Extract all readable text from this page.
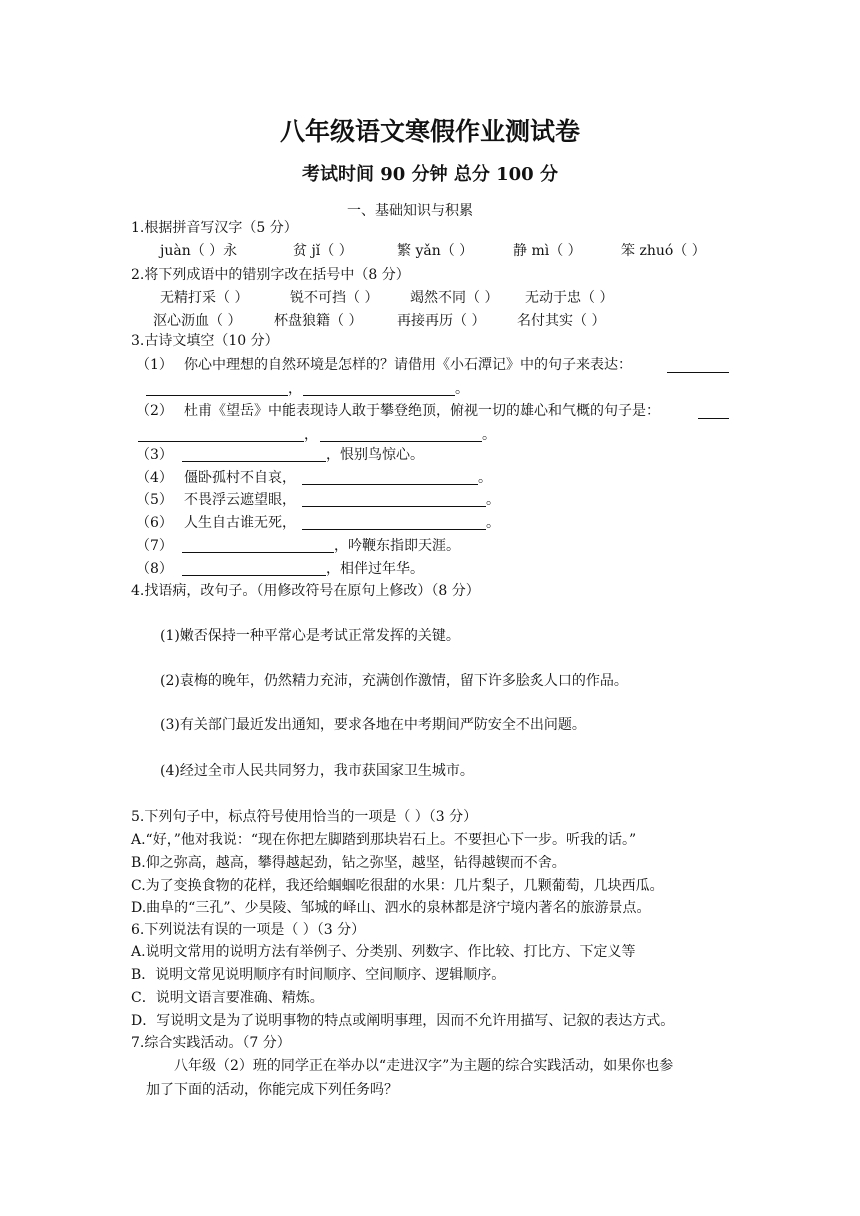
八年级语文寒假作业测试卷
考试时间 90 分钟 总分 100 分
一、基础知识与积累
1.根据拼音写汉字（5 分）
juàn（ ）永	贫 jǐ（ ）	繁 yǎn（ ）	静 mì（ ）	笨 zhuó（ ）
2.将下列成语中的错别字改在括号中（8 分）
无精打采（ ）	锐不可挡（ ） 竭然不同（ ） 无动于忠（ ）
沤心沥血（ ） 杯盘狼籍（ ） 再接再历（ ） 名付其实（ ）
3.古诗文填空（10 分）
（1） 你心中理想的自然环境是怎样的？请借用《小石潭记》中的句子来表达：
，	。
（2） 杜甫《望岳》中能表现诗人敢于攀登绝顶，俯视一切的雄心和气概的句子是：
，	。
（3）	，恨别鸟惊心。
（4） 僵卧孤村不自哀，	。
（5） 不畏浮云遮望眼，	。
（6） 人生自古谁无死，	。
（7）	，吟鞭东指即天涯。
（8）	，相伴过年华。
4.找语病，改句子。（用修改符号在原句上修改）（8 分）
(1)嫩否保持一种平常心是考试正常发挥的关键。
(2)袁梅的晚年，仍然精力充沛，充满创作激情，留下许多脍炙人口的作品。
(3)有关部门最近发出通知，要求各地在中考期间严防安全不出问题。
(4)经过全市人民共同努力，我市获国家卫生城市。
5.下列句子中，标点符号使用恰当的一项是（ ）（3 分）
A.“好，”他对我说：“现在你把左脚踏到那块岩石上。不要担心下一步。听我的话。”
B.仰之弥高，越高，攀得越起劲，钻之弥坚，越坚，钻得越锲而不舍。
C.为了变换食物的花样，我还给蝈蝈吃很甜的水果：几片梨子，几颗葡萄，几块西瓜。
D.曲阜的“三孔”、少昊陵、邹城的峄山、泗水的泉林都是济宁境内著名的旅游景点。
6.下列说法有误的一项是（ ）（3 分）
A.说明文常用的说明方法有举例子、分类别、列数字、作比较、打比方、下定义等
B．说明文常见说明顺序有时间顺序、空间顺序、逻辑顺序。
C．说明文语言要准确、精炼。
D．写说明文是为了说明事物的特点或阐明事理，因而不允许用描写、记叙的表达方式。
7.综合实践活动。（7 分）
八年级（2）班的同学正在举办以“走进汉字”为主题的综合实践活动，如果你也参
加了下面的活动，你能完成下列任务吗？
